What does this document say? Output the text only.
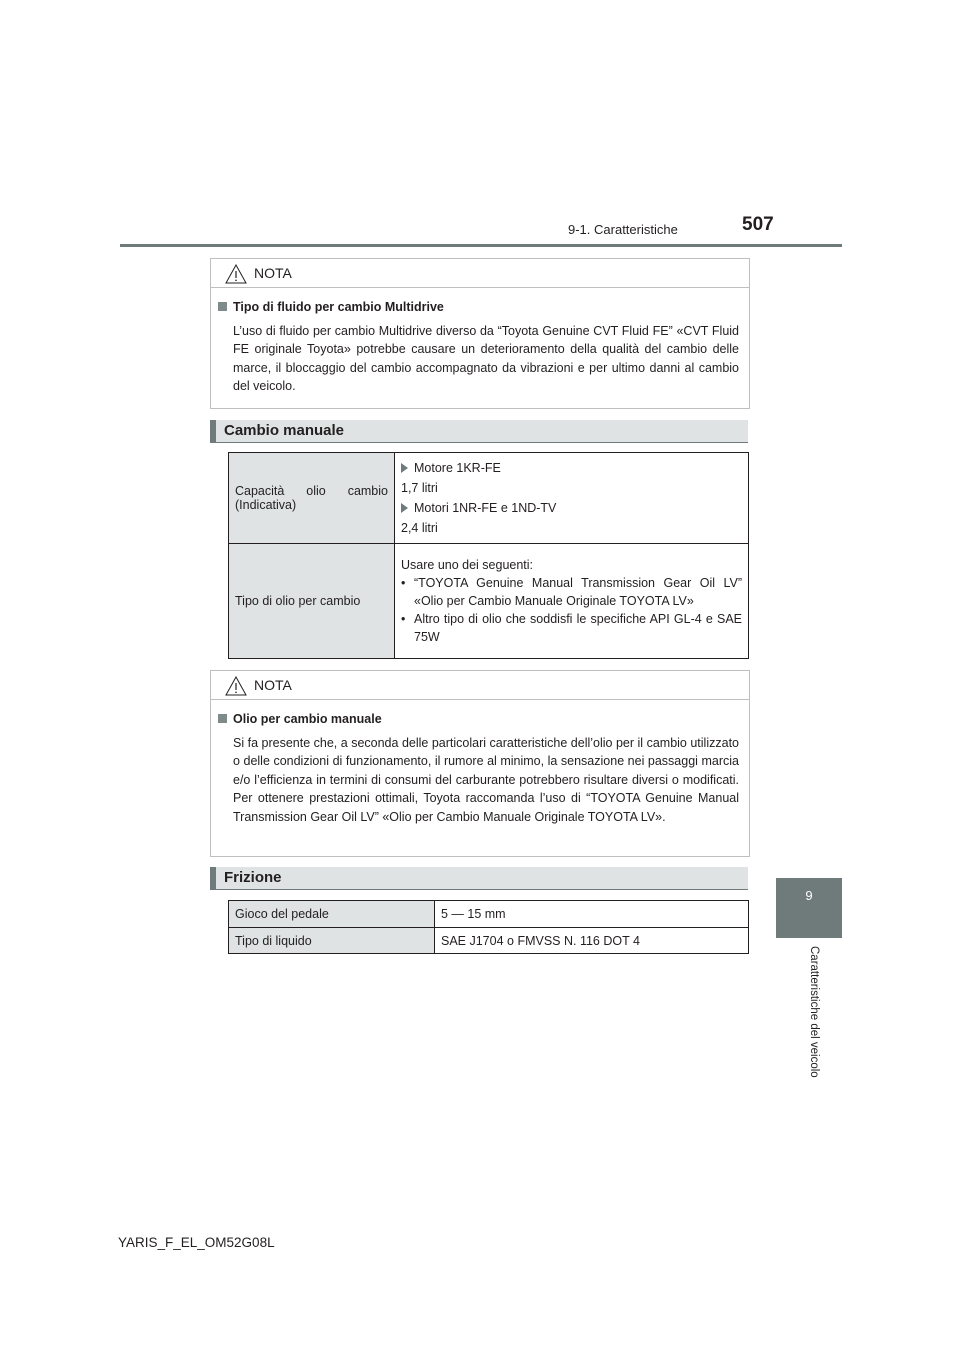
9-1. Caratteristiche	507
9
Caratteristiche del veicolo
NOTA
Tipo di fluido per cambio Multidrive
L’uso di fluido per cambio Multidrive diverso da “Toyota Genuine CVT Fluid FE” «CVT Fluid FE originale Toyota» potrebbe causare un deterioramento della qualità del cambio delle marce, il bloccaggio del cambio accompagnato da vibrazioni e per ultimo danni al cambio del veicolo.
Cambio manuale
Capacità olio cambio (Indicativa)	Motore 1KR-FE
1,7 litri
Motori 1NR-FE e 1ND-TV
2,4 litri

Tipo di olio per cambio	Usare uno dei seguenti:
• “TOYOTA Genuine Manual Transmission Gear Oil LV” «Olio per Cambio Manuale Originale TOYOTA LV»
• Altro tipo di olio che soddisfi le specifiche API GL-4 e SAE 75W
NOTA
Olio per cambio manuale
Si fa presente che, a seconda delle particolari caratteristiche dell’olio per il cambio utilizzato o delle condizioni di funzionamento, il rumore al minimo, la sensazione nei passaggi marcia e/o l’efficienza in termini di consumi del carburante potrebbero risultare diversi o modificati. Per ottenere prestazioni ottimali, Toyota raccomanda l’uso di “TOYOTA Genuine Manual Transmission Gear Oil LV” «Olio per Cambio Manuale Originale TOYOTA LV».
Frizione
Gioco del pedale	5 — 15 mm
Tipo di liquido	SAE J1704 o FMVSS N. 116 DOT 4
YARIS_F_EL_OM52G08L
